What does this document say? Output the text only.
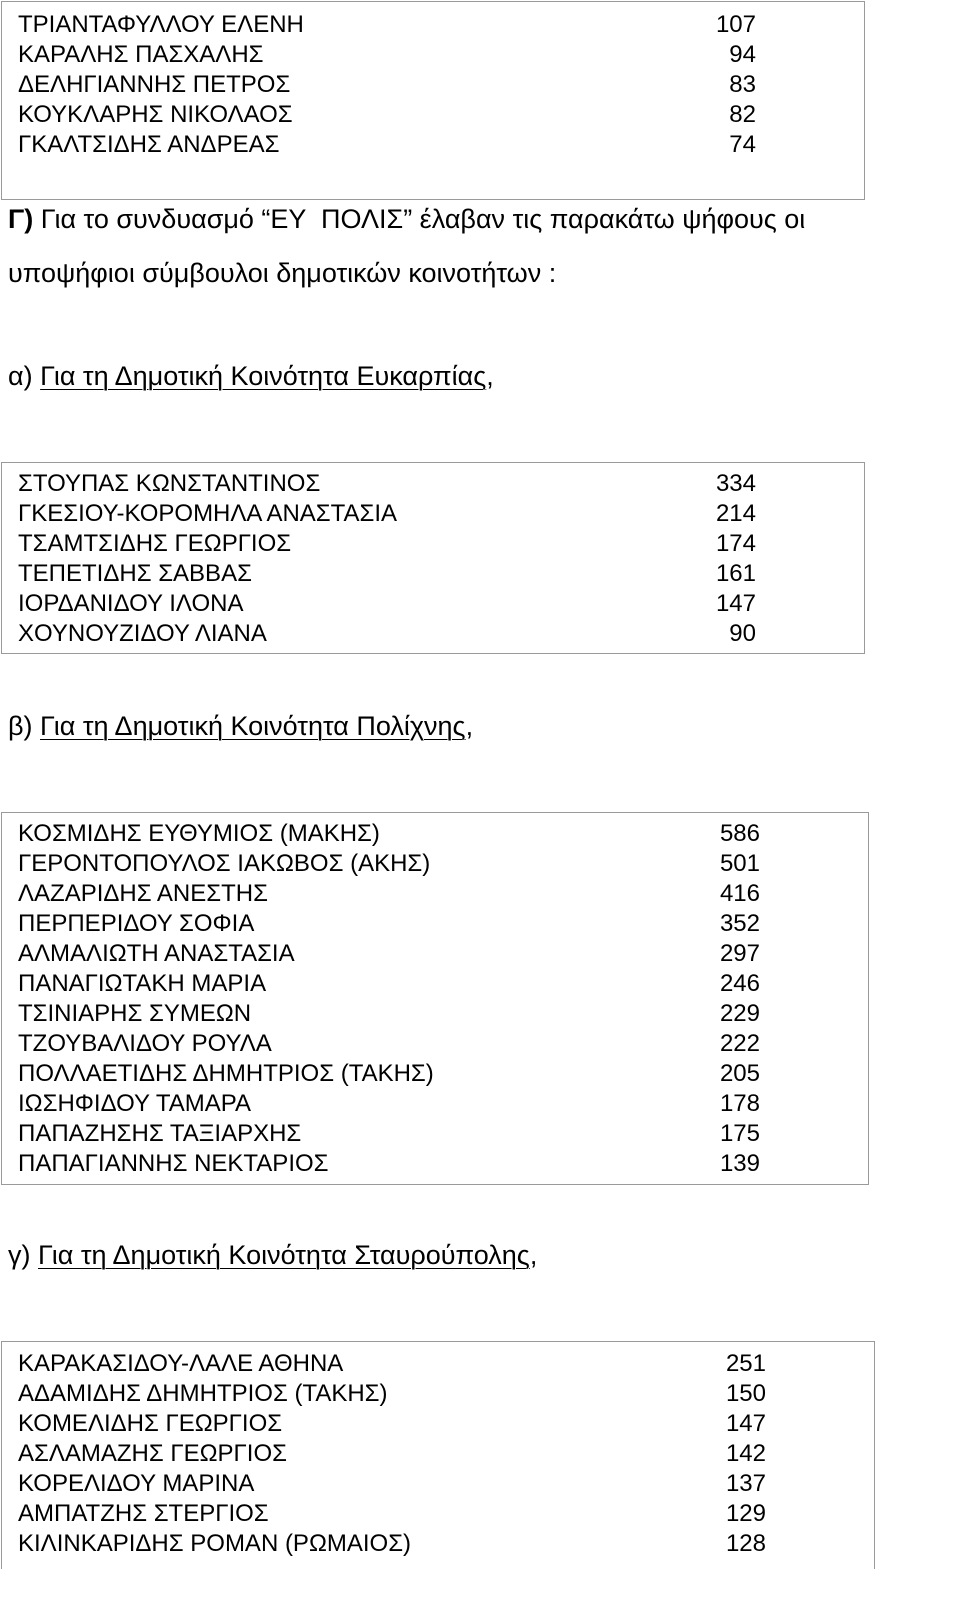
ΤΡΙΑΝΤΑΦΥΛΛΟΥ ΕΛΕΝΗ	107
ΚΑΡΑΛΗΣ ΠΑΣΧΑΛΗΣ	94
ΔΕΛΗΓΙΑΝΝΗΣ ΠΕΤΡΟΣ	83
ΚΟΥΚΛΑΡΗΣ ΝΙΚΟΛΑΟΣ	82
ΓΚΑΛΤΣΙΔΗΣ ΑΝΔΡΕΑΣ	74
Γ) Για το συνδυασμό “ΕΥ  ΠΟΛΙΣ” έλαβαν τις παρακάτω ψήφους οι
υποψήφιοι σύμβουλοι δημοτικών κοινοτήτων :
α) Για τη Δημοτική Κοινότητα Ευκαρπίας,
ΣΤΟΥΠΑΣ ΚΩΝΣΤΑΝΤΙΝΟΣ	334
ΓΚΕΣΙΟΥ-ΚΟΡΟΜΗΛΑ ΑΝΑΣΤΑΣΙΑ	214
ΤΣΑΜΤΣΙΔΗΣ ΓΕΩΡΓΙΟΣ	174
ΤΕΠΕΤΙΔΗΣ ΣΑΒΒΑΣ	161
ΙΟΡΔΑΝΙΔΟΥ ΙΛΟΝΑ	147
ΧΟΥΝΟΥΖΙΔΟΥ ΛΙΑΝΑ	90
β) Για τη Δημοτική Κοινότητα Πολίχνης,
ΚΟΣΜΙΔΗΣ ΕΥΘΥΜΙΟΣ (ΜΑΚΗΣ)	586
ΓΕΡΟΝΤΟΠΟΥΛΟΣ ΙΑΚΩΒΟΣ (ΑΚΗΣ)	501
ΛΑΖΑΡΙΔΗΣ ΑΝΕΣΤΗΣ	416
ΠΕΡΠΕΡΙΔΟΥ ΣΟΦΙΑ	352
ΑΛΜΑΛΙΩΤΗ ΑΝΑΣΤΑΣΙΑ	297
ΠΑΝΑΓΙΩΤΑΚΗ ΜΑΡΙΑ	246
ΤΣΙΝΙΑΡΗΣ ΣΥΜΕΩΝ	229
ΤΖΟΥΒΑΛΙΔΟΥ ΡΟΥΛΑ	222
ΠΟΛΛΑΕΤΙΔΗΣ ΔΗΜΗΤΡΙΟΣ (ΤΑΚΗΣ)	205
ΙΩΣΗΦΙΔΟΥ ΤΑΜΑΡΑ	178
ΠΑΠΑΖΗΣΗΣ ΤΑΞΙΑΡΧΗΣ	175
ΠΑΠΑΓΙΑΝΝΗΣ ΝΕΚΤΑΡΙΟΣ	139
γ) Για τη Δημοτική Κοινότητα Σταυρούπολης,
ΚΑΡΑΚΑΣΙΔΟΥ-ΛΑΛΕ ΑΘΗΝΑ	251
ΑΔΑΜΙΔΗΣ ΔΗΜΗΤΡΙΟΣ (ΤΑΚΗΣ)	150
ΚΟΜΕΛΙΔΗΣ ΓΕΩΡΓΙΟΣ	147
ΑΣΛΑΜΑΖΗΣ ΓΕΩΡΓΙΟΣ	142
ΚΟΡΕΛΙΔΟΥ ΜΑΡΙΝΑ	137
ΑΜΠΑΤΖΗΣ ΣΤΕΡΓΙΟΣ	129
ΚΙΛΙΝΚΑΡΙΔΗΣ ΡΟΜΑΝ (ΡΩΜΑΙΟΣ)	128
